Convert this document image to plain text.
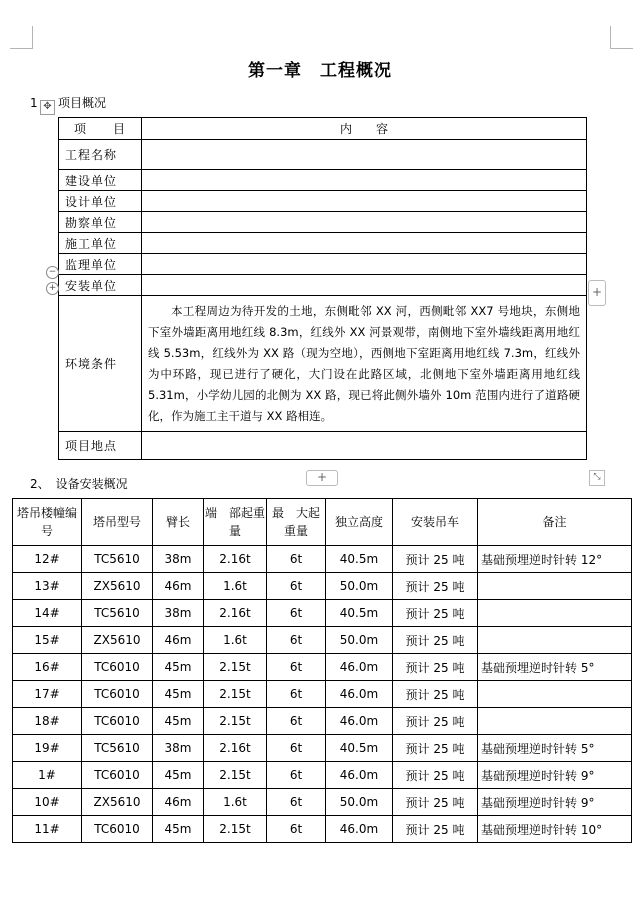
第一章　工程概况
1 项目概况
✥
项　　目	内　　容
工程名称	
建设单位	
设计单位	
勘察单位	
施工单位	
监理单位	
安装单位	
环境条件	本工程周边为待开发的土地，东侧毗邻 XX 河，西侧毗邻 XX7 号地块，东侧地下室外墙距离用地红线 8.3m，红线外 XX 河景观带，南侧地下室外墙线距离用地红线 5.53m，红线外为 XX 路（现为空地），西侧地下室距离用地红线 7.3m，红线外为中环路，现已进行了硬化，大门设在此路区域，北侧地下室外墙距离用地红线 5.31m，小学幼儿园的北侧为 XX 路，现已将此侧外墙外 10m 范围内进行了道路硬化，作为施工主干道与 XX 路相连。
项目地点	
−
+	+
+	⤡
2、　设备安装概况
塔吊楼幢编　号	塔吊型号	臂长	端　部起重量	最　大起重量	独立高度	安装吊车	备注
12#	TC5610	38m	2.16t	6t	40.5m	预计 25 吨	基础预埋逆时针转 12°
13#	ZX5610	46m	1.6t	6t	50.0m	预计 25 吨	
14#	TC5610	38m	2.16t	6t	40.5m	预计 25 吨	
15#	ZX5610	46m	1.6t	6t	50.0m	预计 25 吨	
16#	TC6010	45m	2.15t	6t	46.0m	预计 25 吨	基础预埋逆时针转 5°
17#	TC6010	45m	2.15t	6t	46.0m	预计 25 吨	
18#	TC6010	45m	2.15t	6t	46.0m	预计 25 吨	
19#	TC5610	38m	2.16t	6t	40.5m	预计 25 吨	基础预埋逆时针转 5°
1#	TC6010	45m	2.15t	6t	46.0m	预计 25 吨	基础预埋逆时针转 9°
10#	ZX5610	46m	1.6t	6t	50.0m	预计 25 吨	基础预埋逆时针转 9°
11#	TC6010	45m	2.15t	6t	46.0m	预计 25 吨	基础预埋逆时针转 10°
